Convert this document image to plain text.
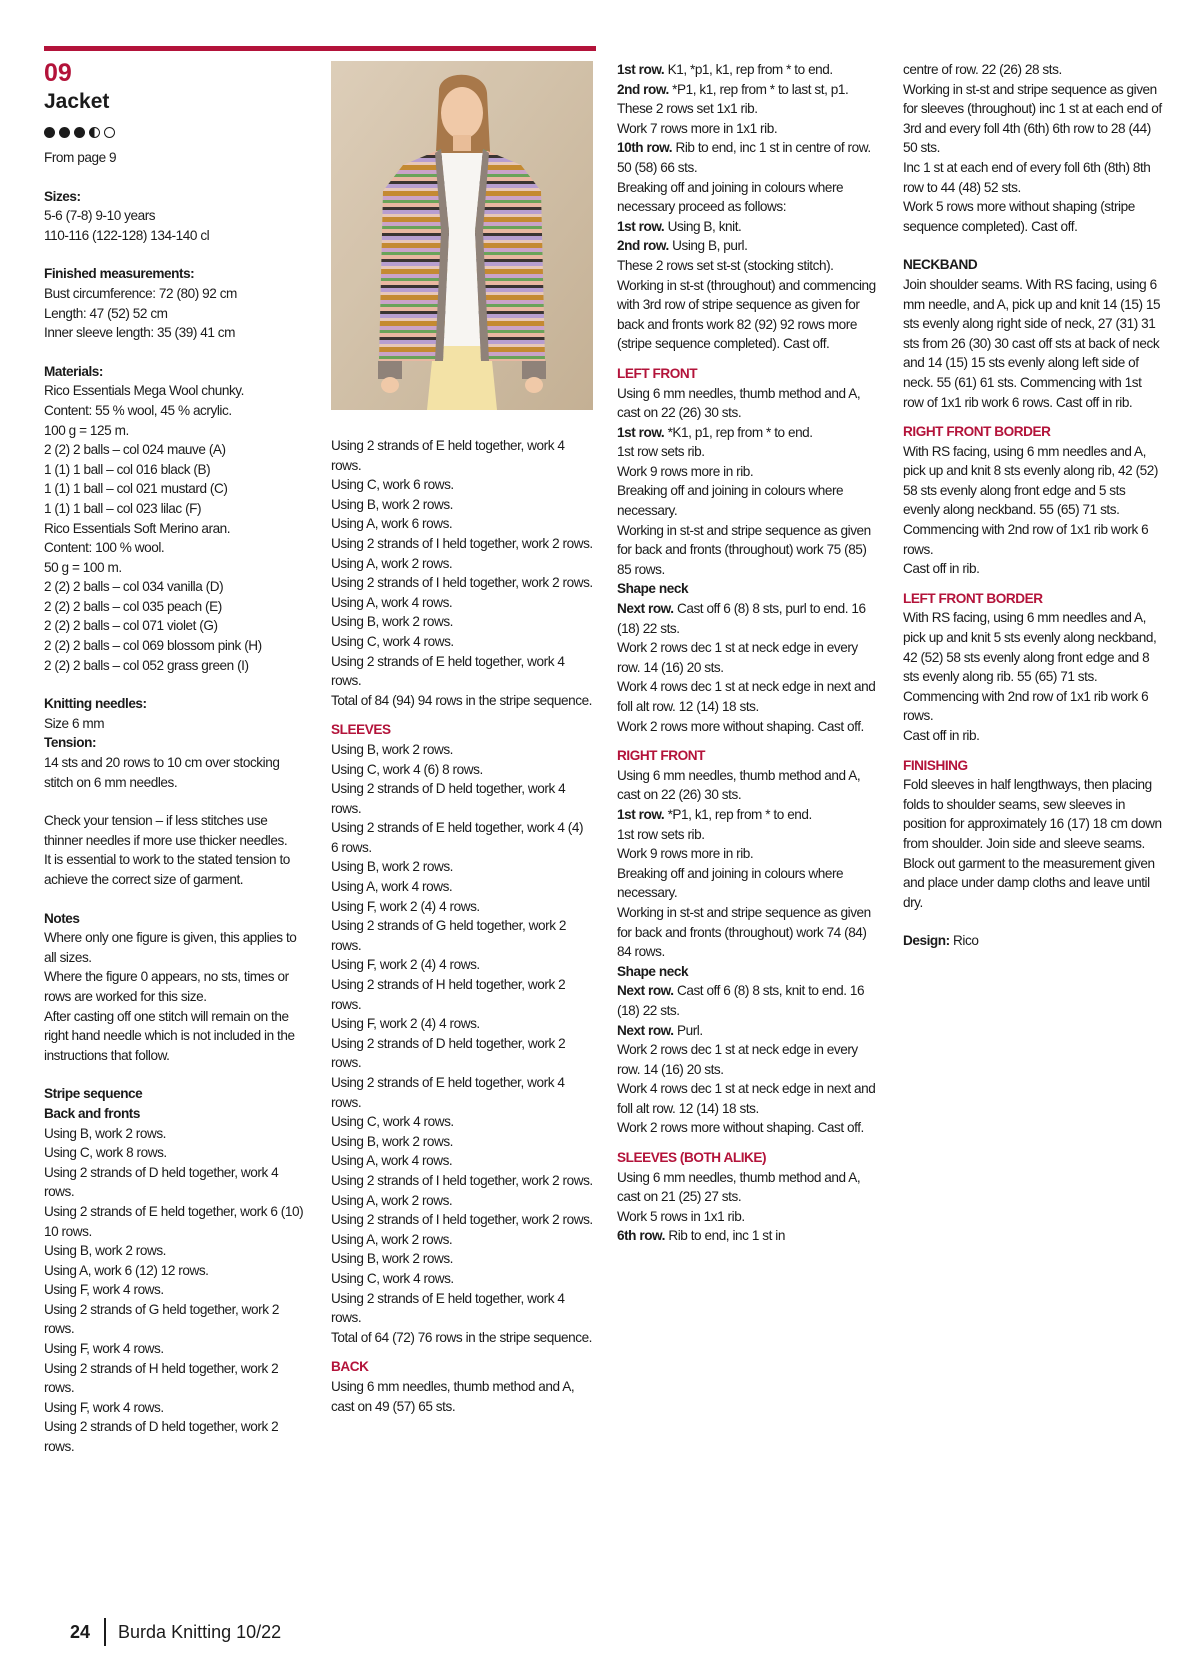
09
Jacket

From page 9

Sizes:

5-6 (7-8) 9-10 years

110-116 (122-128) 134-140 cl

Finished measurements:

Bust circumference: 72 (80) 92 cm

Length: 47 (52) 52 cm

Inner sleeve length: 35 (39) 41 cm

Materials:

Rico Essentials Mega Wool chunky.

Content: 55 % wool, 45 % acrylic.

100 g = 125 m.

2 (2) 2 balls – col 024 mauve (A)

1 (1) 1 ball – col 016 black (B)

1 (1) 1 ball – col 021 mustard (C)

1 (1) 1 ball – col 023 lilac (F)

Rico Essentials Soft Merino aran.

Content: 100 % wool.

50 g = 100 m.

2 (2) 2 balls – col 034 vanilla (D)

2 (2) 2 balls – col 035 peach (E)

2 (2) 2 balls – col 071 violet (G)

2 (2) 2 balls – col 069 blossom pink (H)

2 (2) 2 balls – col 052 grass green (I)

Knitting needles:

Size 6 mm

Tension:

14 sts and 20 rows to 10 cm over stocking stitch on 6 mm needles.

Check your tension – if less stitches use thinner needles if more use thicker needles.

It is essential to work to the stated tension to achieve the correct size of garment.

Notes

Where only one figure is given, this applies to all sizes.

Where the figure 0 appears, no sts, times or rows are worked for this size.

After casting off one stitch will remain on the right hand needle which is not included in the instructions that follow.

Stripe sequence

Back and fronts

Using B, work 2 rows.

Using C, work 8 rows.

Using 2 strands of D held together, work 4 rows.

Using 2 strands of E held together, work 6 (10) 10 rows.

Using B, work 2 rows.

Using A, work 6 (12) 12 rows.

Using F, work 4 rows.

Using 2 strands of G held together, work 2 rows.

Using F, work 4 rows.

Using 2 strands of H held together, work 2 rows.

Using F, work 4 rows.

Using 2 strands of D held together, work 2 rows.

Using 2 strands of E held together, work 4 rows.

Using C, work 6 rows.

Using B, work 2 rows.

Using A, work 6 rows.

Using 2 strands of I held together, work 2 rows.

Using A, work 2 rows.

Using 2 strands of I held together, work 2 rows.

Using A, work 4 rows.

Using B, work 2 rows.

Using C, work 4 rows.

Using 2 strands of E held together, work 4 rows.

Total of 84 (94) 94 rows in the stripe sequence.

SLEEVES

Using B, work 2 rows.

Using C, work 4 (6) 8 rows.

Using 2 strands of D held together, work 4 rows.

Using 2 strands of E held together, work 4 (4) 6 rows.

Using B, work 2 rows.

Using A, work 4 rows.

Using F, work 2 (4) 4 rows.

Using 2 strands of G held together, work 2 rows.

Using F, work 2 (4) 4 rows.

Using 2 strands of H held together, work 2 rows.

Using F, work 2 (4) 4 rows.

Using 2 strands of D held together, work 2 rows.

Using 2 strands of E held together, work 4 rows.

Using C, work 4 rows.

Using B, work 2 rows.

Using A, work 4 rows.

Using 2 strands of I held together, work 2 rows.

Using A, work 2 rows.

Using 2 strands of I held together, work 2 rows.

Using A, work 2 rows.

Using B, work 2 rows.

Using C, work 4 rows.

Using 2 strands of E held together, work 4 rows.

Total of 64 (72) 76 rows in the stripe sequence.

BACK

Using 6 mm needles, thumb method and A, cast on 49 (57) 65 sts.

1st row. K1, *p1, k1, rep from * to end.

2nd row. *P1, k1, rep from * to last st, p1.

These 2 rows set 1x1 rib.

Work 7 rows more in 1x1 rib.

10th row. Rib to end, inc 1 st in centre of row. 50 (58) 66 sts.

Breaking off and joining in colours where necessary proceed as follows:

1st row. Using B, knit.

2nd row. Using B, purl.

These 2 rows set st-st (stocking stitch).

Working in st-st (throughout) and commencing with 3rd row of stripe sequence as given for back and fronts work 82 (92) 92 rows more (stripe sequence completed). Cast off.

LEFT FRONT

Using 6 mm needles, thumb method and A, cast on 22 (26) 30 sts.

1st row. *K1, p1, rep from * to end.

1st row sets rib.

Work 9 rows more in rib.

Breaking off and joining in colours where necessary.

Working in st-st and stripe sequence as given for back and fronts (throughout) work 75 (85) 85 rows.

Shape neck

Next row. Cast off 6 (8) 8 sts, purl to end. 16 (18) 22 sts.

Work 2 rows dec 1 st at neck edge in every row. 14 (16) 20 sts.

Work 4 rows dec 1 st at neck edge in next and foll alt row. 12 (14) 18 sts.

Work 2 rows more without shaping. Cast off.

RIGHT FRONT

Using 6 mm needles, thumb method and A, cast on 22 (26) 30 sts.

1st row. *P1, k1, rep from * to end.

1st row sets rib.

Work 9 rows more in rib.

Breaking off and joining in colours where necessary.

Working in st-st and stripe sequence as given for back and fronts (throughout) work 74 (84) 84 rows.

Shape neck

Next row. Cast off 6 (8) 8 sts, knit to end. 16 (18) 22 sts.

Next row. Purl.

Work 2 rows dec 1 st at neck edge in every row. 14 (16) 20 sts.

Work 4 rows dec 1 st at neck edge in next and foll alt row. 12 (14) 18 sts.

Work 2 rows more without shaping. Cast off.

SLEEVES (BOTH ALIKE)

Using 6 mm needles, thumb method and A, cast on 21 (25) 27 sts.

Work 5 rows in 1x1 rib.

6th row. Rib to end, inc 1 st in

centre of row. 22 (26) 28 sts.

Working in st-st and stripe sequence as given for sleeves (throughout) inc 1 st at each end of 3rd and every foll 4th (6th) 6th row to 28 (44) 50 sts.

Inc 1 st at each end of every foll 6th (8th) 8th row to 44 (48) 52 sts.

Work 5 rows more without shaping (stripe sequence completed). Cast off.

NECKBAND

Join shoulder seams. With RS facing, using 6 mm needle, and A, pick up and knit 14 (15) 15 sts evenly along right side of neck, 27 (31) 31 sts from 26 (30) 30 cast off sts at back of neck and 14 (15) 15 sts evenly along left side of neck. 55 (61) 61 sts. Commencing with 1st row of 1x1 rib work 6 rows. Cast off in rib.

RIGHT FRONT BORDER

With RS facing, using 6 mm needles and A, pick up and knit 8 sts evenly along rib, 42 (52) 58 sts evenly along front edge and 5 sts evenly along neckband. 55 (65) 71 sts.

Commencing with 2nd row of 1x1 rib work 6 rows.

Cast off in rib.

LEFT FRONT BORDER

With RS facing, using 6 mm needles and A, pick up and knit 5 sts evenly along neckband, 42 (52) 58 sts evenly along front edge and 8 sts evenly along rib. 55 (65) 71 sts.

Commencing with 2nd row of 1x1 rib work 6 rows.

Cast off in rib.

FINISHING

Fold sleeves in half lengthways, then placing folds to shoulder seams, sew sleeves in position for approximately 16 (17) 18 cm down from shoulder. Join side and sleeve seams.

Block out garment to the measurement given and place under damp cloths and leave until dry.

Design: Rico

24 Burda Knitting 10/22
